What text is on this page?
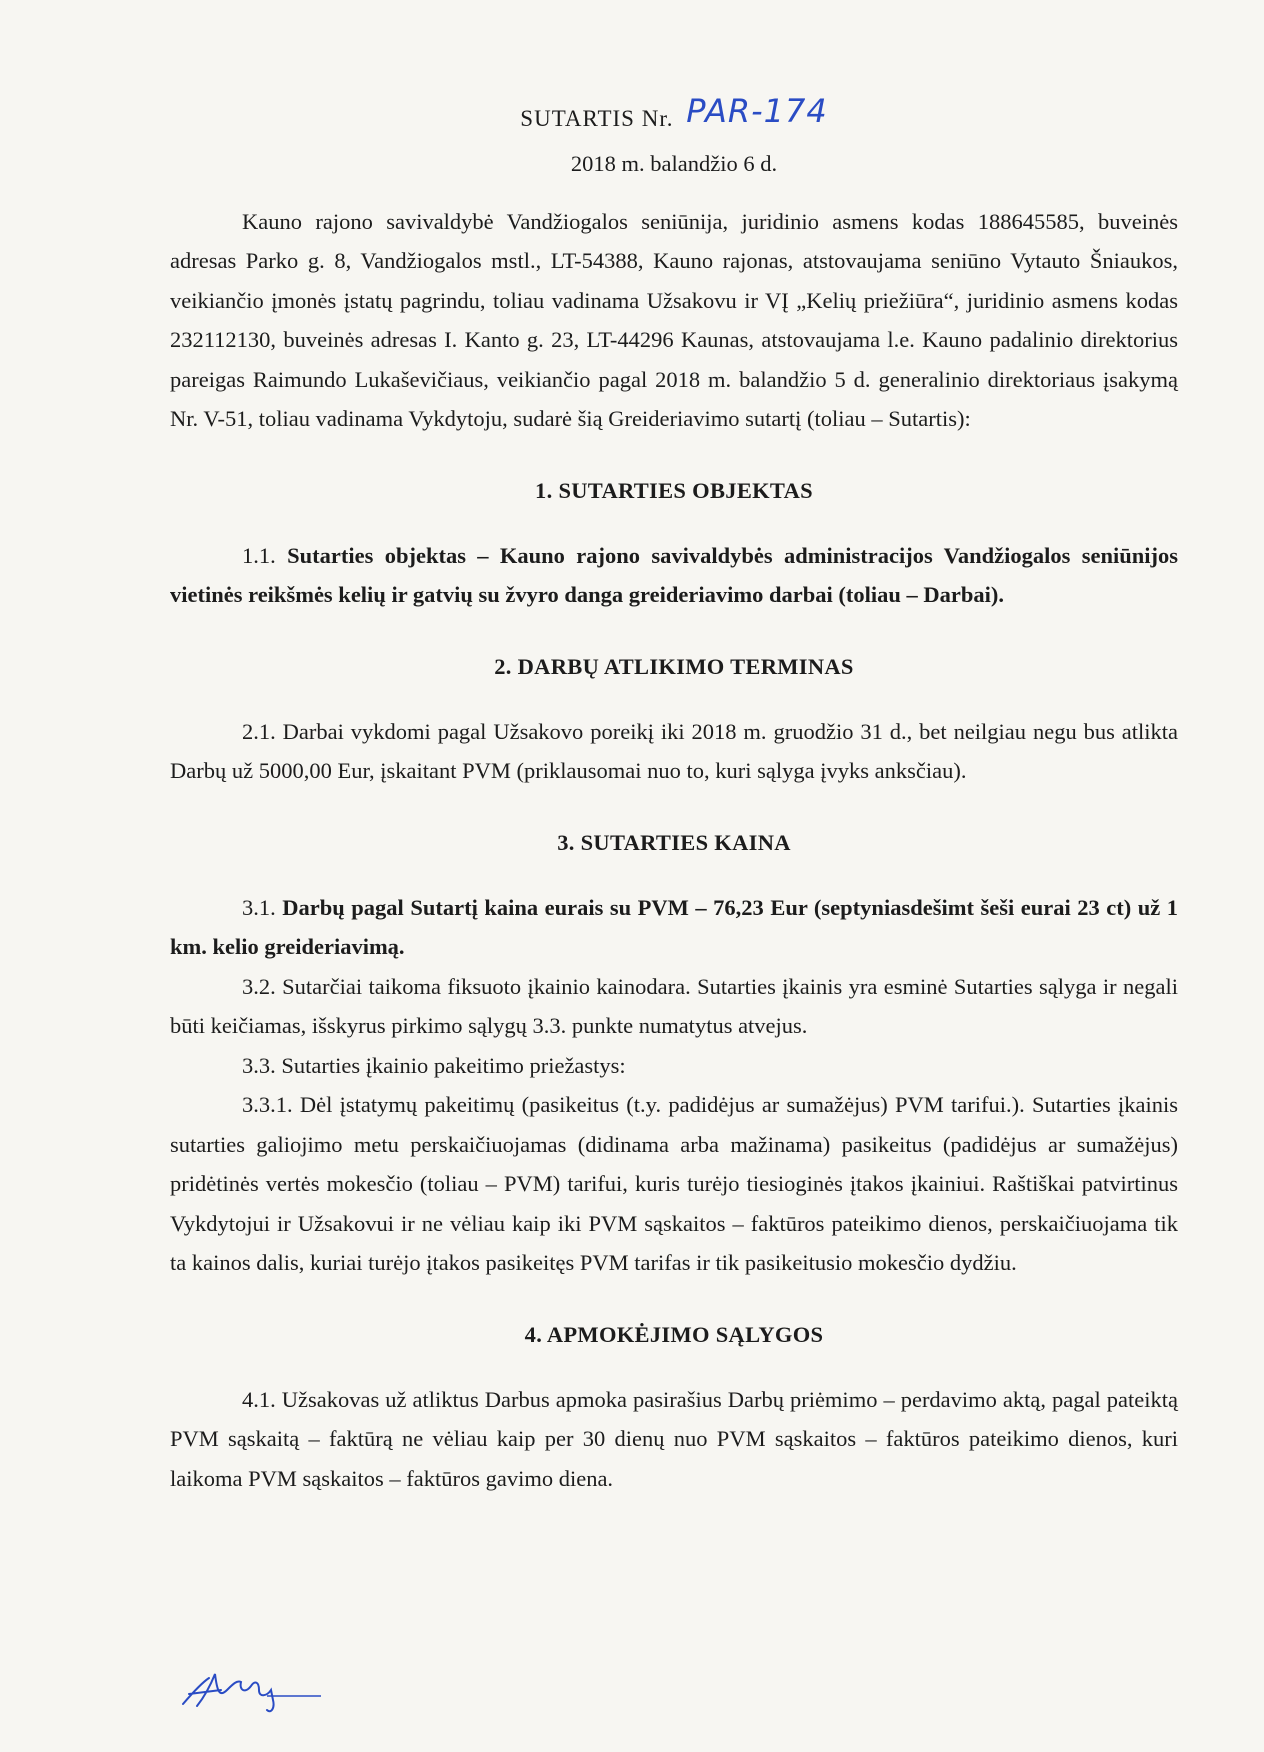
SUTARTIS Nr. PAR-174
2018 m. balandžio 6 d.

Kauno rajono savivaldybė Vandžiogalos seniūnija, juridinio asmens kodas 188645585, buveinės adresas Parko g. 8, Vandžiogalos mstl., LT-54388, Kauno rajonas, atstovaujama seniūno Vytauto Šniaukos, veikiančio įmonės įstatų pagrindu, toliau vadinama Užsakovu ir VĮ „Kelių priežiūra“, juridinio asmens kodas 232112130, buveinės adresas I. Kanto g. 23, LT-44296 Kaunas, atstovaujama l.e. Kauno padalinio direktorius pareigas Raimundo Lukaševičiaus, veikiančio pagal 2018 m. balandžio 5 d. generalinio direktoriaus įsakymą Nr. V-51, toliau vadinama Vykdytoju, sudarė šią Greideriavimo sutartį (toliau – Sutartis):

1. SUTARTIES OBJEKTAS

1.1. Sutarties objektas – Kauno rajono savivaldybės administracijos Vandžiogalos seniūnijos vietinės reikšmės kelių ir gatvių su žvyro danga greideriavimo darbai (toliau – Darbai).

2. DARBŲ ATLIKIMO TERMINAS

2.1. Darbai vykdomi pagal Užsakovo poreikį iki 2018 m. gruodžio 31 d., bet neilgiau negu bus atlikta Darbų už 5000,00 Eur, įskaitant PVM (priklausomai nuo to, kuri sąlyga įvyks anksčiau).

3. SUTARTIES KAINA

3.1. Darbų pagal Sutartį kaina eurais su PVM – 76,23 Eur (septyniasdešimt šeši eurai 23 ct) už 1 km. kelio greideriavimą.

3.2. Sutarčiai taikoma fiksuoto įkainio kainodara. Sutarties įkainis yra esminė Sutarties sąlyga ir negali būti keičiamas, išskyrus pirkimo sąlygų 3.3. punkte numatytus atvejus.

3.3. Sutarties įkainio pakeitimo priežastys:

3.3.1. Dėl įstatymų pakeitimų (pasikeitus (t.y. padidėjus ar sumažėjus) PVM tarifui.). Sutarties įkainis sutarties galiojimo metu perskaičiuojamas (didinama arba mažinama) pasikeitus (padidėjus ar sumažėjus) pridėtinės vertės mokesčio (toliau – PVM) tarifui, kuris turėjo tiesioginės įtakos įkainiui. Raštiškai patvirtinus Vykdytojui ir Užsakovui ir ne vėliau kaip iki PVM sąskaitos – faktūros pateikimo dienos, perskaičiuojama tik ta kainos dalis, kuriai turėjo įtakos pasikeitęs PVM tarifas ir tik pasikeitusio mokesčio dydžiu.

4. APMOKĖJIMO SĄLYGOS

4.1. Užsakovas už atliktus Darbus apmoka pasirašius Darbų priėmimo – perdavimo aktą, pagal pateiktą PVM sąskaitą – faktūrą ne vėliau kaip per 30 dienų nuo PVM sąskaitos – faktūros pateikimo dienos, kuri laikoma PVM sąskaitos – faktūros gavimo diena.
